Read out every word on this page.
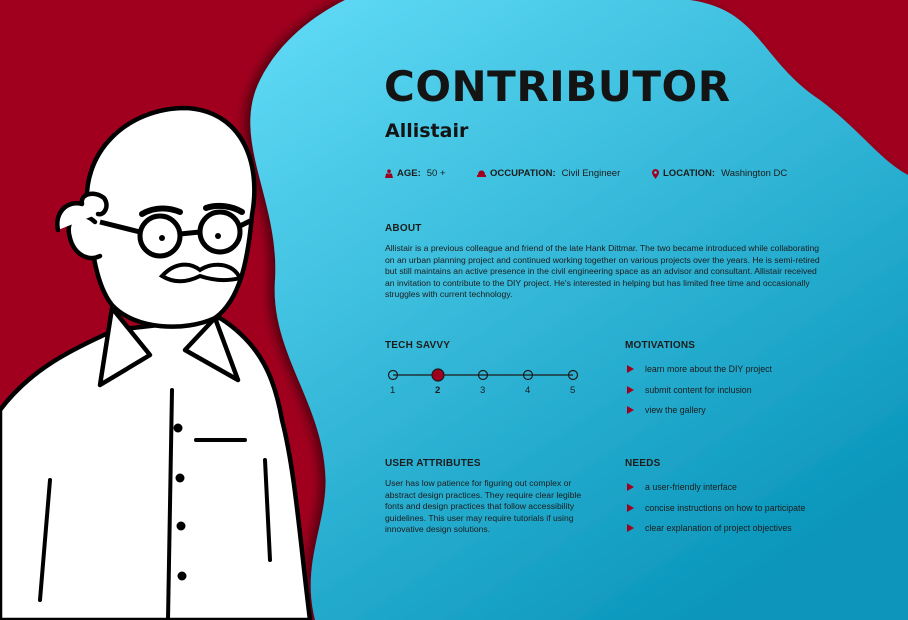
CONTRIBUTOR
Allistair
AGE: 50 +	OCCUPATION: Civil Engineer	LOCATION: Washington DC
ABOUT

Allistair is a previous colleague and friend of the late Hank Dittmar. The two became introduced while collaborating on an urban planning project and continued working together on various projects over the years. He is semi-retired but still maintains an active presence in the civil engineering space as an advisor and consultant. Allistair received an invitation to contribute to the DIY project. He's interested in helping but has limited free time and occasionally struggles with current technology.

TECH SAVVY
1	2	3	4	5
MOTIVATIONS
learn more about the DIY project
submit content for inclusion
view the gallery
USER ATTRIBUTES

User has low patience for figuring out complex or abstract design practices. They require clear legible fonts and design practices that follow accessibility guidelines. This user may require tutorials if using innovative design solutions.

NEEDS
a user-friendly interface
concise instructions on how to participate
clear explanation of project objectives
